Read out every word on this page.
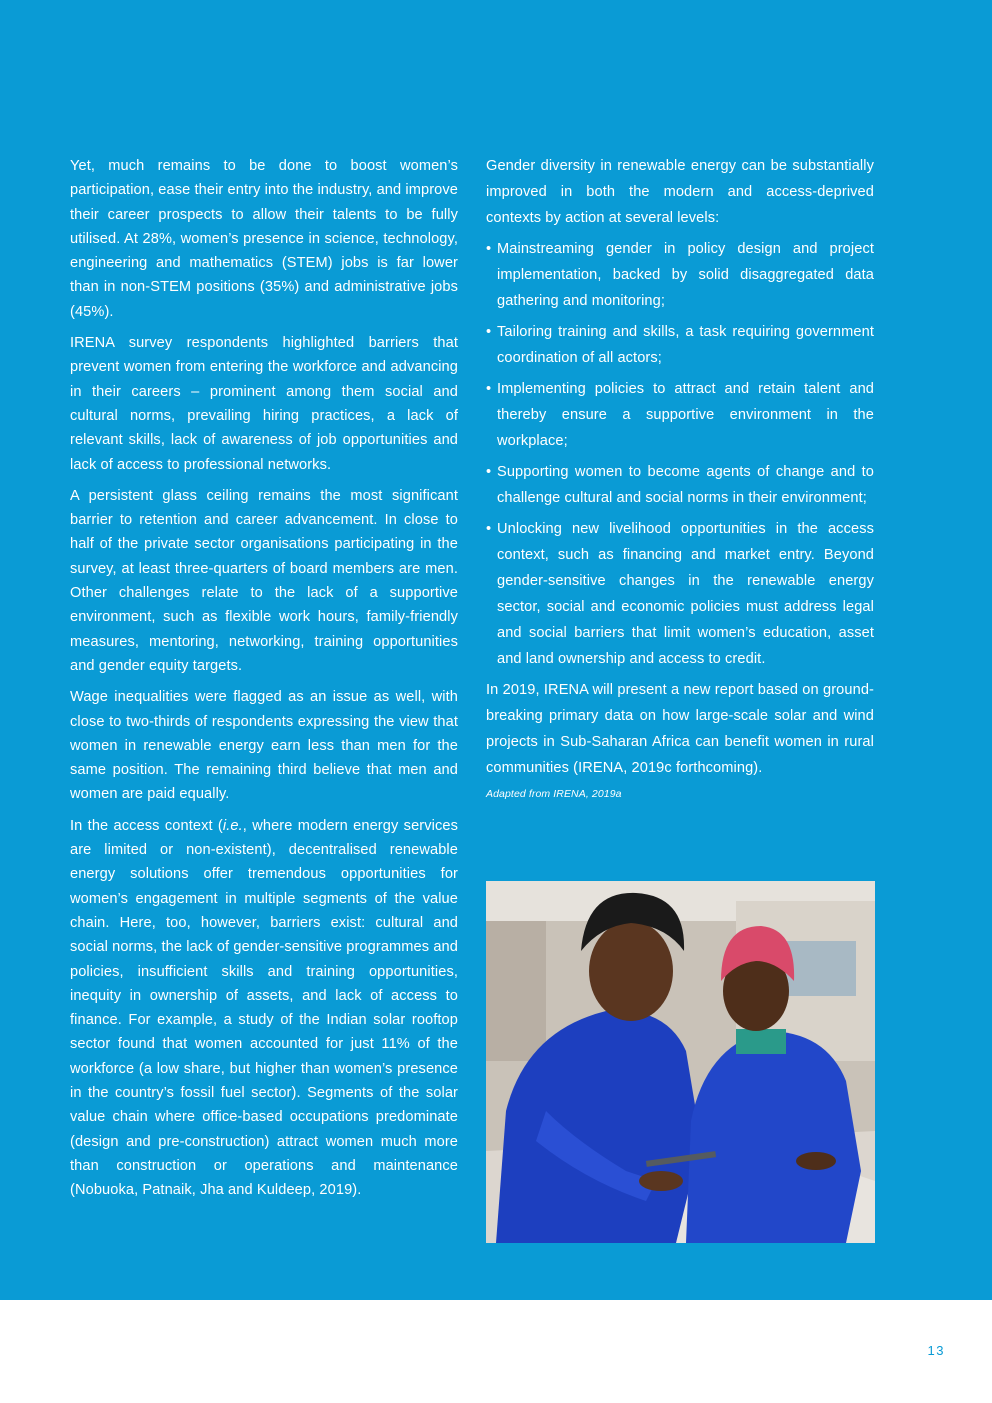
Yet, much remains to be done to boost women’s participation, ease their entry into the industry, and improve their career prospects to allow their talents to be fully utilised. At 28%, women’s presence in science, technology, engineering and mathematics (STEM) jobs is far lower than in non-STEM positions (35%) and administrative jobs (45%).

IRENA survey respondents highlighted barriers that prevent women from entering the workforce and advancing in their careers – prominent among them social and cultural norms, prevailing hiring practices, a lack of relevant skills, lack of awareness of job opportunities and lack of access to professional networks.

A persistent glass ceiling remains the most significant barrier to retention and career advancement. In close to half of the private sector organisations participating in the survey, at least three-quarters of board members are men. Other challenges relate to the lack of a supportive environment, such as flexible work hours, family-friendly measures, mentoring, networking, training opportunities and gender equity targets.

Wage inequalities were flagged as an issue as well, with close to two-thirds of respondents expressing the view that women in renewable energy earn less than men for the same position. The remaining third believe that men and women are paid equally.

In the access context (i.e., where modern energy services are limited or non-existent), decentralised renewable energy solutions offer tremendous opportunities for women’s engagement in multiple segments of the value chain. Here, too, however, barriers exist: cultural and social norms, the lack of gender-sensitive programmes and policies, insufficient skills and training opportunities, inequity in ownership of assets, and lack of access to finance. For example, a study of the Indian solar rooftop sector found that women accounted for just 11% of the workforce (a low share, but higher than women’s presence in the country’s fossil fuel sector). Segments of the solar value chain where office-based occupations predominate (design and pre-construction) attract women much more than construction or operations and maintenance (Nobuoka, Patnaik, Jha and Kuldeep, 2019).

Gender diversity in renewable energy can be substantially improved in both the modern and access-deprived contexts by action at several levels:

• Mainstreaming gender in policy design and project implementation, backed by solid disaggregated data gathering and monitoring;
• Tailoring training and skills, a task requiring government coordination of all actors;
• Implementing policies to attract and retain talent and thereby ensure a supportive environment in the workplace;
• Supporting women to become agents of change and to challenge cultural and social norms in their environment;
• Unlocking new livelihood opportunities in the access context, such as financing and market entry. Beyond gender-sensitive changes in the renewable energy sector, social and economic policies must address legal and social barriers that limit women’s education, asset and land ownership and access to credit.

In 2019, IRENA will present a new report based on ground-breaking primary data on how large-scale solar and wind projects in Sub-Saharan Africa can benefit women in rural communities (IRENA, 2019c forthcoming).

Adapted from IRENA, 2019a

13
